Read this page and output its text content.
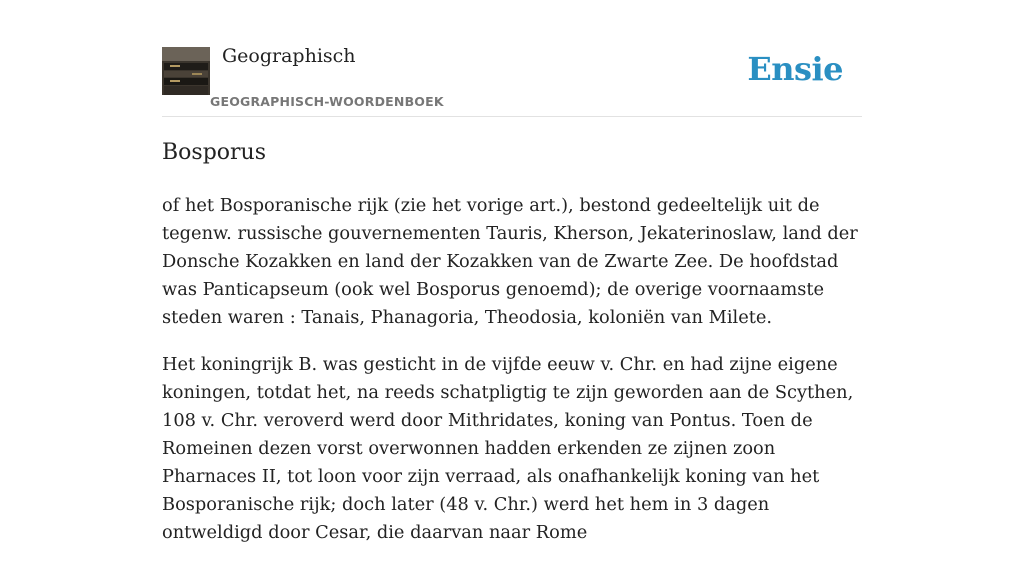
Geographisch
GEOGRAPHISCH-WOORDENBOEK
Ensie
Bosporus

of het Bosporanische rijk (zie het vorige art.), bestond gedeeltelijk uit de tegenw. russische gouvernementen Tauris, Kherson, Jekaterinoslaw, land der Donsche Kozakken en land der Kozakken van de Zwarte Zee. De hoofdstad was Panticapseum (ook wel Bosporus genoemd); de overige voornaamste steden waren : Tanais, Phanagoria, Theodosia, koloniën van Milete.

Het koningrijk B. was gesticht in de vijfde eeuw v. Chr. en had zijne eigene koningen, totdat het, na reeds schatpligtig te zijn geworden aan de Scythen, 108 v. Chr. veroverd werd door Mithridates, koning van Pontus. Toen de Romeinen dezen vorst overwonnen hadden erkenden ze zijnen zoon Pharnaces II, tot loon voor zijn verraad, als onafhankelijk koning van het Bosporanische rijk; doch later (48 v. Chr.) werd het hem in 3 dagen ontweldigd door Cesar, die daarvan naar Rome
